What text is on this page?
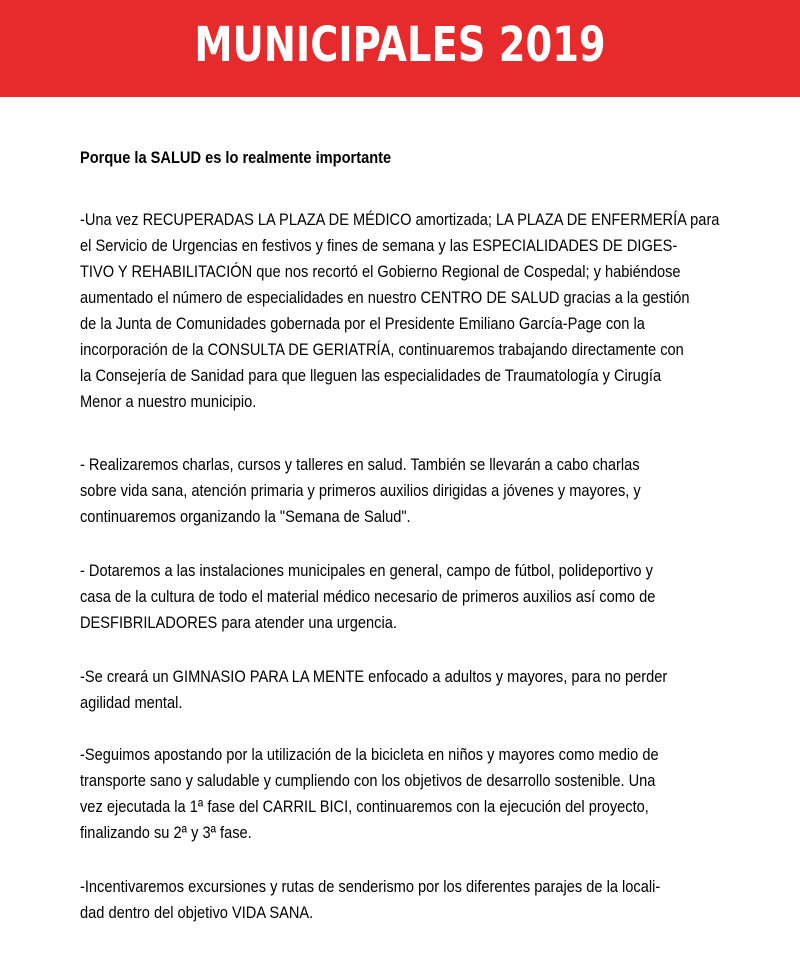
MUNICIPALES 2019
Porque la SALUD es lo realmente importante
-Una vez RECUPERADAS LA PLAZA DE MÉDICO amortizada; LA PLAZA DE ENFERMERÍA para
el Servicio de Urgencias en festivos y fines de semana y las ESPECIALIDADES DE DIGES-
TIVO Y REHABILITACIÓN que nos recortó el Gobierno Regional de Cospedal; y habiéndose
aumentado el número de especialidades en nuestro CENTRO DE SALUD gracias a la gestión
de la Junta de Comunidades gobernada por el Presidente Emiliano García-Page con la
incorporación de la CONSULTA DE GERIATRÍA, continuaremos trabajando directamente con
la Consejería de Sanidad para que lleguen las especialidades de Traumatología y Cirugía
Menor a nuestro municipio.
- Realizaremos charlas, cursos y talleres en salud. También se llevarán a cabo charlas
sobre vida sana, atención primaria y primeros auxilios dirigidas a jóvenes y mayores, y
continuaremos organizando la "Semana de Salud".
- Dotaremos a las instalaciones municipales en general, campo de fútbol, polideportivo y
casa de la cultura de todo el material médico necesario de primeros auxilios así como de
DESFIBRILADORES para atender una urgencia.
-Se creará un GIMNASIO PARA LA MENTE enfocado a adultos y mayores, para no perder
agilidad mental.
-Seguimos apostando por la utilización de la bicicleta en niños y mayores como medio de
transporte sano y saludable y cumpliendo con los objetivos de desarrollo sostenible. Una
vez ejecutada la 1ª fase del CARRIL BICI, continuaremos con la ejecución del proyecto,
finalizando su 2ª y 3ª fase.
-Incentivaremos excursiones y rutas de senderismo por los diferentes parajes de la locali-
dad dentro del objetivo VIDA SANA.
